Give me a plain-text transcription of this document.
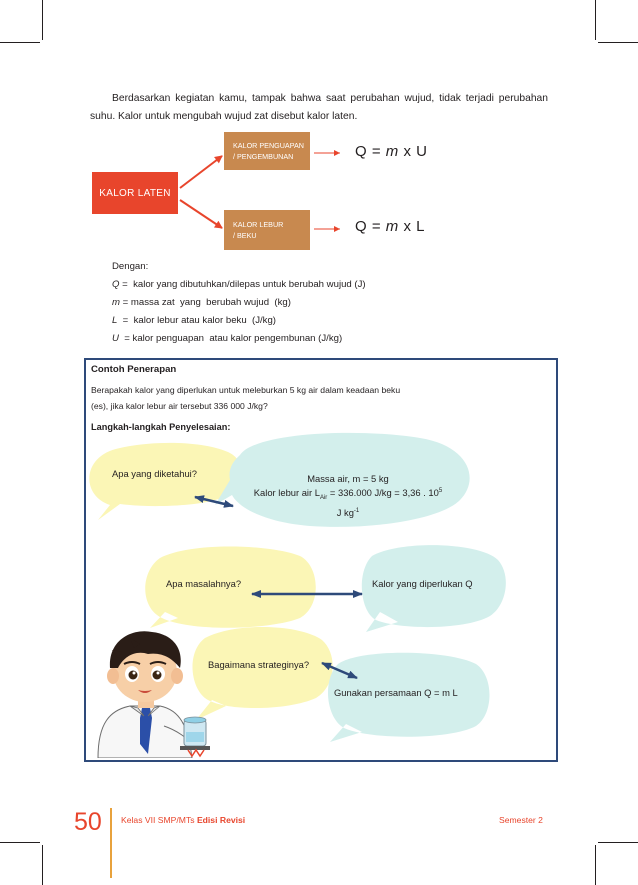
Berdasarkan kegiatan kamu, tampak bahwa saat perubahan wujud, tidak terjadi perubahan suhu. Kalor untuk mengubah wujud zat disebut kalor laten.
KALOR LATEN
KALOR PENGUAPAN
/ PENGEMBUNAN
KALOR LEBUR
/ BEKU
Q = m x U
Q = m x L
Dengan:
Q =  kalor yang dibutuhkan/dilepas untuk berubah wujud (J)
m = massa zat  yang  berubah wujud  (kg)
L  =  kalor lebur atau kalor beku  (J/kg)
U  = kalor penguapan  atau kalor pengembunan (J/kg)
Contoh Penerapan
Berapakah kalor yang diperlukan untuk meleburkan 5 kg air dalam keadaan beku
(es), jika kalor lebur air tersebut 336 000 J/kg?
Langkah-langkah Penyelesaian:
Apa yang diketahui?	Massa air, m = 5 kg
Kalor lebur air $L_{Air} = 336.000$ J/kg = 3,36 . $10^5$
J $kg^{-1}$
Apa masalahnya?	Kalor yang diperlukan Q
Bagaimana strateginya?
Gunakan persamaan Q = m L
50 Kelas VII SMP/MTs Edisi Revisi	Semester 2
